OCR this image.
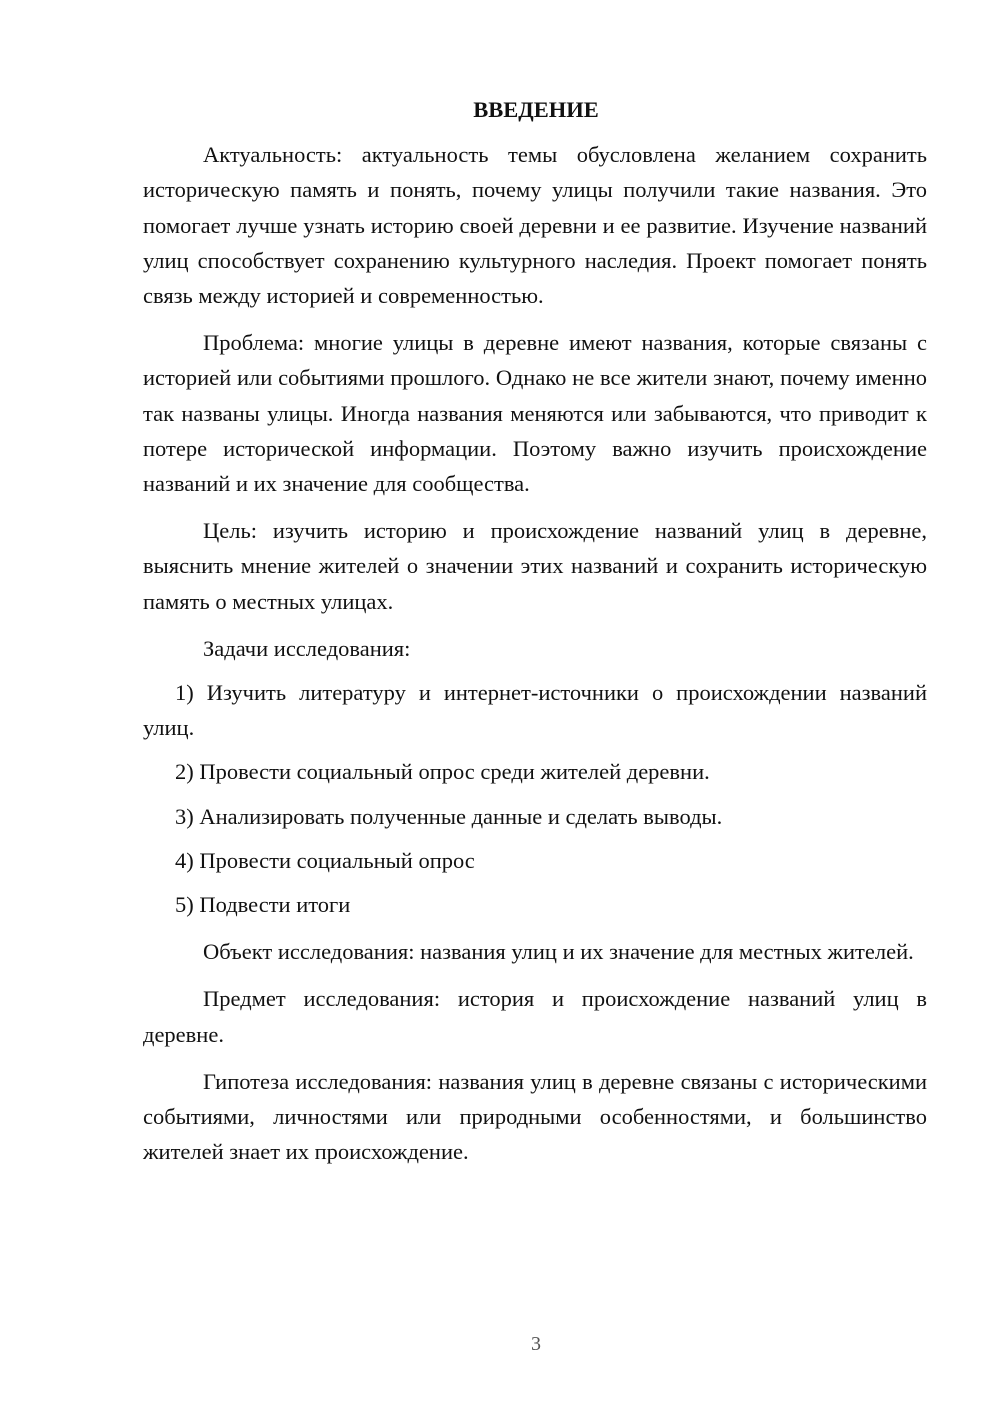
ВВЕДЕНИЕ

Актуальность: актуальность темы обусловлена желанием сохранить историческую память и понять, почему улицы получили такие названия. Это помогает лучше узнать историю своей деревни и ее развитие. Изучение названий улиц способствует сохранению культурного наследия. Проект помогает понять связь между историей и современностью.

Проблема: многие улицы в деревне имеют названия, которые связаны с историей или событиями прошлого. Однако не все жители знают, почему именно так названы улицы. Иногда названия меняются или забываются, что приводит к потере исторической информации. Поэтому важно изучить происхождение названий и их значение для сообщества.

Цель: изучить историю и происхождение названий улиц в деревне, выяснить мнение жителей о значении этих названий и сохранить историческую память о местных улицах.

Задачи исследования:

1) Изучить литературу и интернет-источники о происхождении названий улиц.

2) Провести социальный опрос среди жителей деревни.

3) Анализировать полученные данные и сделать выводы.

4) Провести социальный опрос

5) Подвести итоги

Объект исследования: названия улиц и их значение для местных жителей.

Предмет исследования: история и происхождение названий улиц в деревне.

Гипотеза исследования: названия улиц в деревне связаны с историческими событиями, личностями или природными особенностями, и большинство жителей знает их происхождение.

3
